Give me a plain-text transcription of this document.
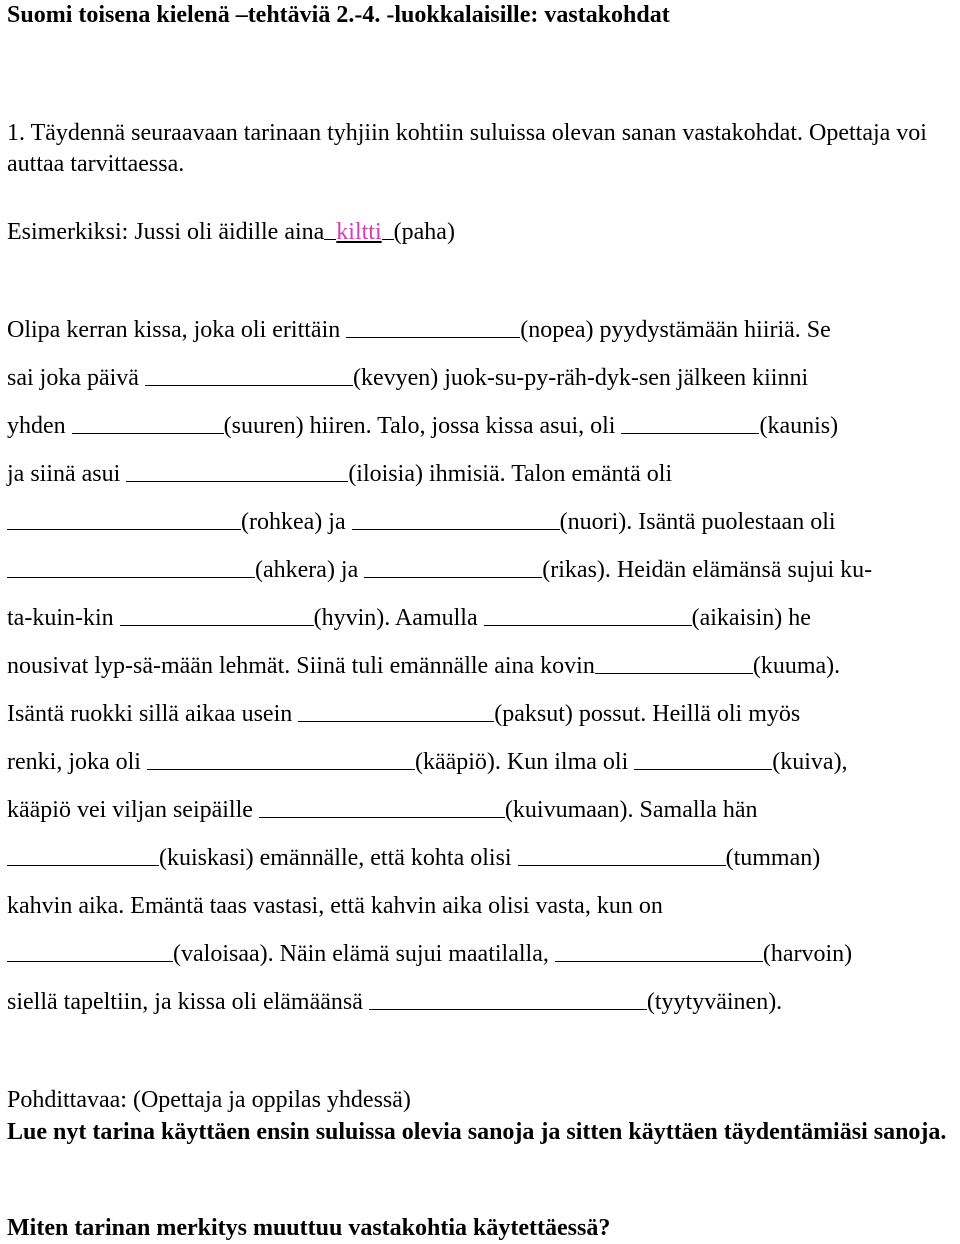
Suomi toisena kielenä –tehtäviä 2.-4. -luokkalaisille: vastakohdat
1. Täydennä seuraavaan tarinaan tyhjiin kohtiin suluissa olevan sanan vastakohdat. Opettaja voi auttaa tarvittaessa.
Esimerkiksi: Jussi oli äidille aina kiltti (paha)
Olipa kerran kissa, joka oli erittäin	(nopea) pyydystämään hiiriä. Se
sai joka päivä	(kevyen) juok-su-py-räh-dyk-sen jälkeen kiinni
yhden	(suuren) hiiren. Talo, jossa kissa asui, oli	(kaunis)
ja siinä asui	(iloisia) ihmisiä. Talon emäntä oli
(rohkea) ja	(nuori). Isäntä puolestaan oli
(ahkera) ja	(rikas). Heidän elämänsä sujui ku-
ta-kuin-kin	(hyvin). Aamulla	(aikaisin) he
nousivat lyp-sä-mään lehmät. Siinä tuli emännälle aina kovin	(kuuma).
Isäntä ruokki sillä aikaa usein	(paksut) possut. Heillä oli myös
renki, joka oli	(kääpiö). Kun ilma oli	(kuiva),
kääpiö vei viljan seipäille	(kuivumaan). Samalla hän
(kuiskasi) emännälle, että kohta olisi	(tumman)
kahvin aika. Emäntä taas vastasi, että kahvin aika olisi vasta, kun on
(valoisaa). Näin elämä sujui maatilalla,	(harvoin)
siellä tapeltiin, ja kissa oli elämäänsä	(tyytyväinen).
Pohdittavaa: (Opettaja ja oppilas yhdessä)
Lue nyt tarina käyttäen ensin suluissa olevia sanoja ja sitten käyttäen täydentämiäsi sanoja.
Miten tarinan merkitys muuttuu vastakohtia käytettäessä?
